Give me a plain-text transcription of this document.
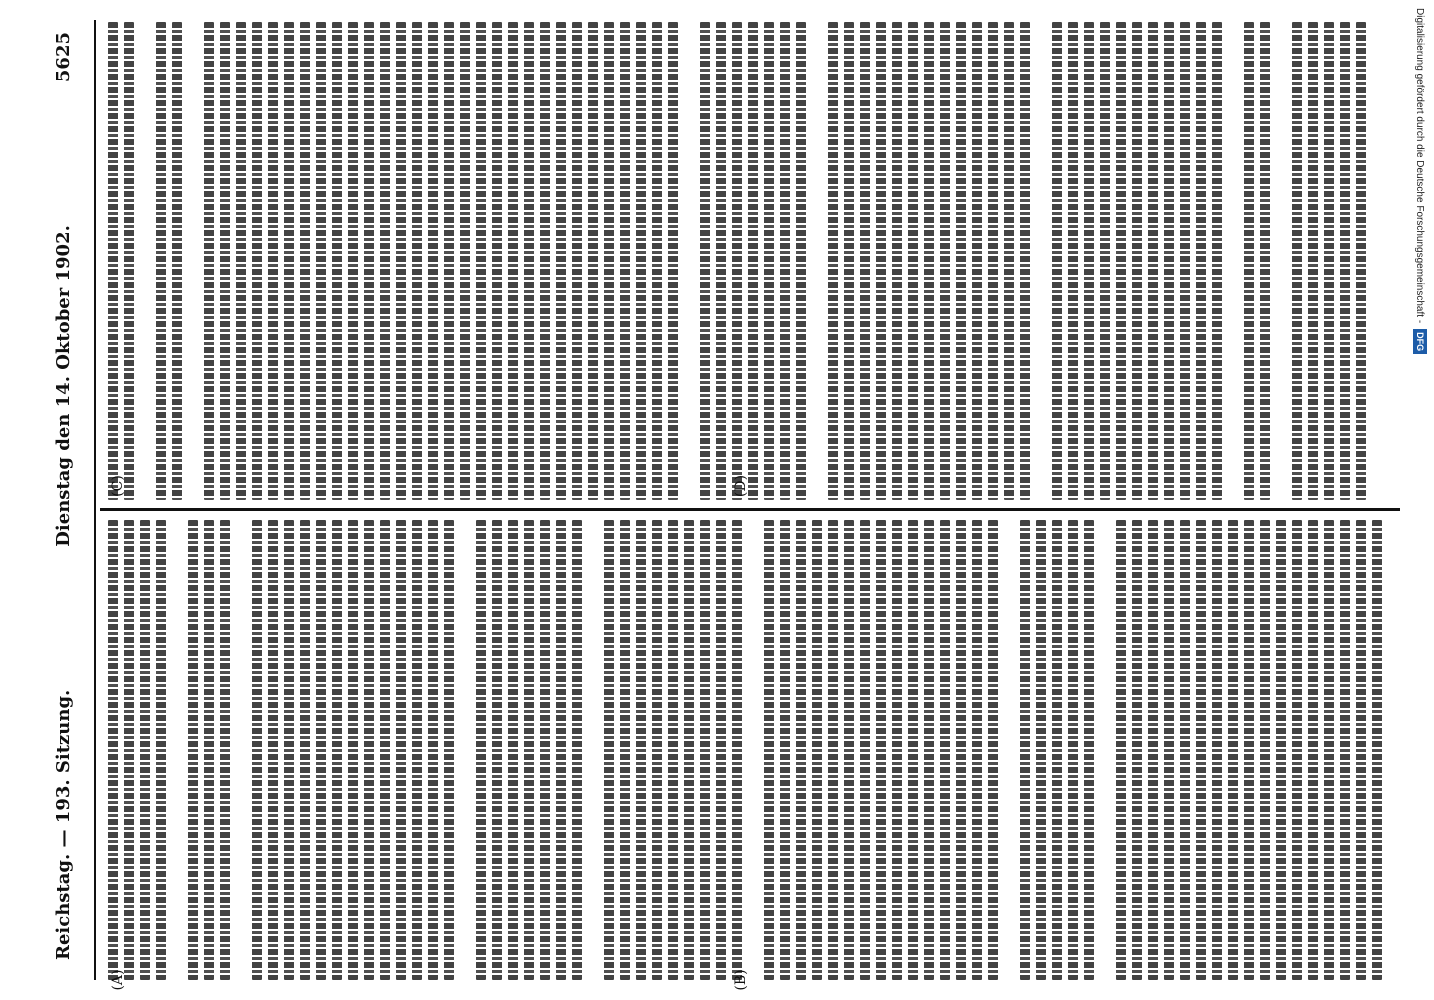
Reichstag. — 193. Sitzung.
Dienstag den 14. Oktober 1902.
5625
(A)	(B)
(C)	(D)
Digitalisierung gefördert durch die Deutsche Forschungsgemeinschaft -
DFG
